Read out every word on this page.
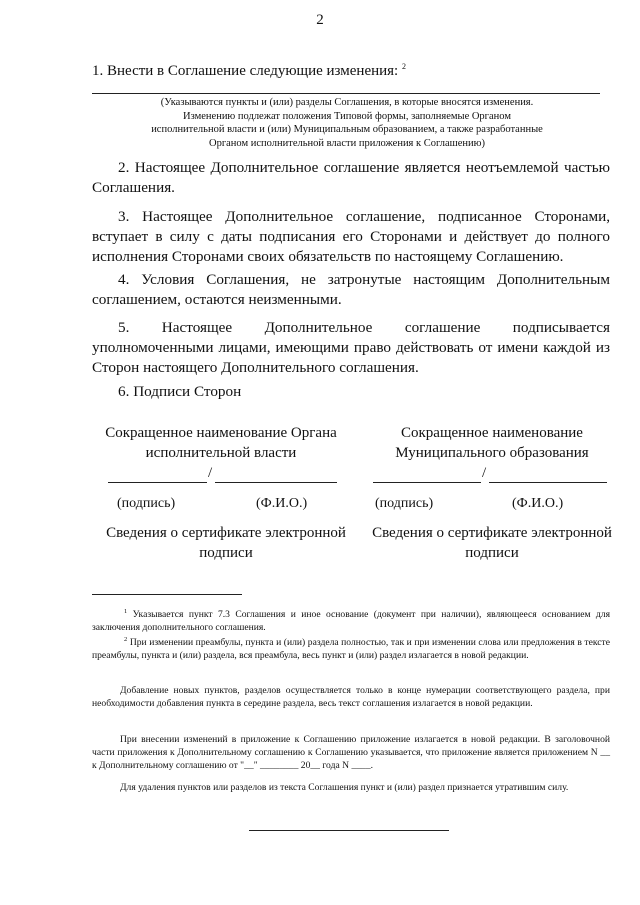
2
1. Внести в Соглашение следующие изменения: $^2$
(Указываются пункты и (или) разделы Соглашения, в которые вносятся изменения.
Изменению подлежат положения Типовой формы, заполняемые Органом
исполнительной власти и (или) Муниципальным образованием, а также разработанные
Органом исполнительной власти приложения к Соглашению)
2. Настоящее Дополнительное соглашение является неотъемлемой частью Соглашения.
3. Настоящее Дополнительное соглашение, подписанное Сторонами, вступает в силу с даты подписания его Сторонами и действует до полного исполнения Сторонами своих обязательств по настоящему Соглашению.
4. Условия Соглашения, не затронутые настоящим Дополнительным соглашением, остаются неизменными.
5. Настоящее Дополнительное соглашение подписывается уполномоченными лицами, имеющими право действовать от имени каждой из Сторон настоящего Дополнительного соглашения.
6. Подписи Сторон
Сокращенное наименование Органа
исполнительной власти
/
(подпись)	(Ф.И.О.)
Сведения о сертификате электронной
подписи
Сокращенное наименование
Муниципального образования
/
(подпись)	(Ф.И.О.)
Сведения о сертификате электронной
подписи
$^1$ Указывается пункт 7.3 Соглашения и иное основание (документ при наличии), являющееся основанием для заключения дополнительного соглашения.
$^2$ При изменении преамбулы, пункта и (или) раздела полностью, так и при изменении слова или предложения в тексте преамбулы, пункта и (или) раздела, вся преамбула, весь пункт и (или) раздел излагается в новой редакции.
Добавление новых пунктов, разделов осуществляется только в конце нумерации соответствующего раздела, при необходимости добавления пункта в середине раздела, весь текст соглашения излагается в новой редакции.
При внесении изменений в приложение к Соглашению приложение излагается в новой редакции. В заголовочной части приложения к Дополнительному соглашению к Соглашению указывается, что приложение является приложением N __ к Дополнительному соглашению от "__" ________ 20__ года N ____.
Для удаления пунктов или разделов из текста Соглашения пункт и (или) раздел признается утратившим силу.
